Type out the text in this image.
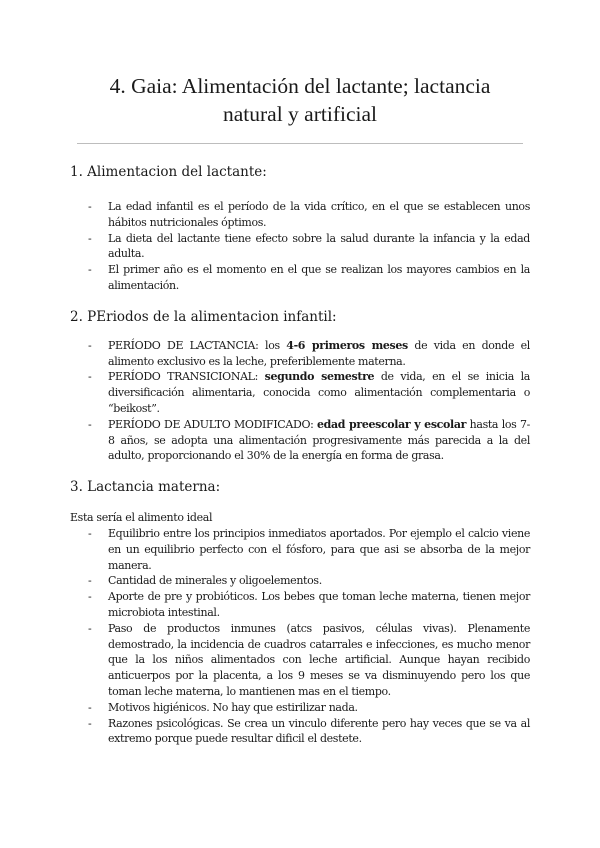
4. Gaia: Alimentación del lactante; lactancia
natural y artificial
1. Alimentacion del lactante:
- La edad infantil es el período de la vida crítico, en el que se establecen unos hábitos nutricionales óptimos.
- La dieta del lactante tiene efecto sobre la salud durante la infancia y la edad adulta.
- El primer año es el momento en el que se realizan los mayores cambios en la alimentación.
2. PEriodos de la alimentacion infantil:
- PERÍODO DE LACTANCIA: los 4-6 primeros meses de vida en donde el alimento exclusivo es la leche, preferiblemente materna.
- PERÍODO TRANSICIONAL: segundo semestre de vida, en el se inicia la diversificación alimentaria, conocida como alimentación complementaria o “beikost”.
- PERÍODO DE ADULTO MODIFICADO: edad preescolar y escolar hasta los 7-8 años, se adopta una alimentación progresivamente más parecida a la del adulto, proporcionando el 30% de la energía en forma de grasa.
3. Lactancia materna:
Esta sería el alimento ideal
- Equilibrio entre los principios inmediatos aportados. Por ejemplo el calcio viene en un equilibrio perfecto con el fósforo, para que asi se absorba de la mejor manera.
- Cantidad de minerales y oligoelementos.
- Aporte de pre y probióticos. Los bebes que toman leche materna, tienen mejor microbiota intestinal.
- Paso de productos inmunes (atcs pasivos, células vivas). Plenamente demostrado, la incidencia de cuadros catarrales e infecciones, es mucho menor que la los niños alimentados con leche artificial. Aunque hayan recibido anticuerpos por la placenta, a los 9 meses se va disminuyendo pero los que toman leche materna, lo mantienen mas en el tiempo.
- Motivos higiénicos. No hay que estirilizar nada.
- Razones psicológicas. Se crea un vinculo diferente pero hay veces que se va al extremo porque puede resultar dificil el destete.
